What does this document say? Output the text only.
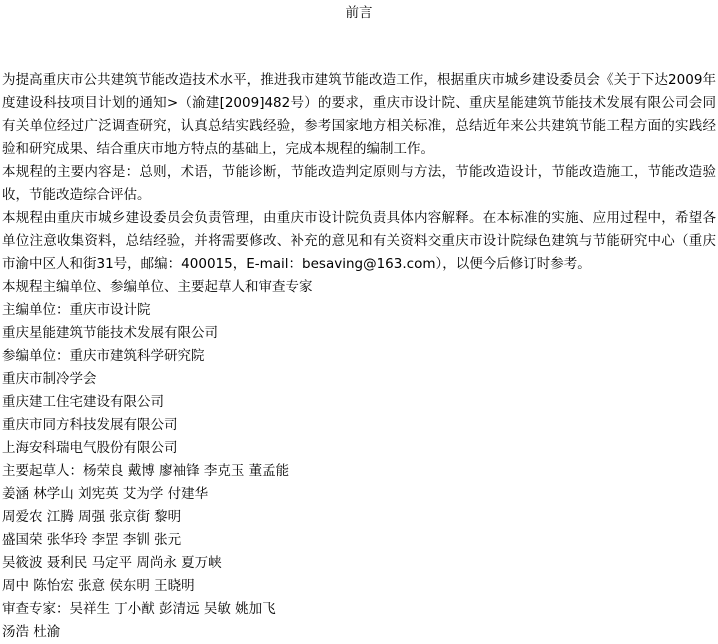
前言

为提高重庆市公共建筑节能改造技术水平，推进我市建筑节能改造工作，根据重庆市城乡建设委员会《关于下达2009年度建设科技项目计划的通知>（渝建[2009]482号）的要求，重庆市设计院、重庆星能建筑节能技术发展有限公司会同有关单位经过广泛调查研究，认真总结实践经验，参考国家地方相关标准，总结近年来公共建筑节能工程方面的实践经验和研究成果、结合重庆市地方特点的基础上，完成本规程的编制工作。

本规程的主要内容是：总则，术语，节能诊断，节能改造判定原则与方法，节能改造设计，节能改造施工，节能改造验收，节能改造综合评估。

本规程由重庆市城乡建设委员会负责管理，由重庆市设计院负责具体内容解释。在本标准的实施、应用过程中，希望各单位注意收集资料，总结经验，并将需要修改、补充的意见和有关资料交重庆市设计院绿色建筑与节能研究中心（重庆市渝中区人和街31号，邮编：400015，E-mail：besaving@163.com），以便今后修订时参考。

本规程主编单位、参编单位、主要起草人和审查专家
主编单位：重庆市设计院
重庆星能建筑节能技术发展有限公司
参编单位：重庆市建筑科学研究院
重庆市制冷学会
重庆建工住宅建设有限公司
重庆市同方科技发展有限公司
上海安科瑞电气股份有限公司
主要起草人：杨荣良 戴博 廖袖锋 李克玉 董孟能
姜涵 林学山 刘宪英 艾为学 付建华
周爱农 江腾 周强 张京街 黎明
盛国荣 张华玲 李罡 李钏 张元
吴筱波 聂利民 马定平 周尚永 夏万峡
周中 陈怡宏 张意 侯东明 王晓明
审查专家：吴祥生 丁小猷 彭清远 吴敏 姚加飞
汤浩 杜渝
